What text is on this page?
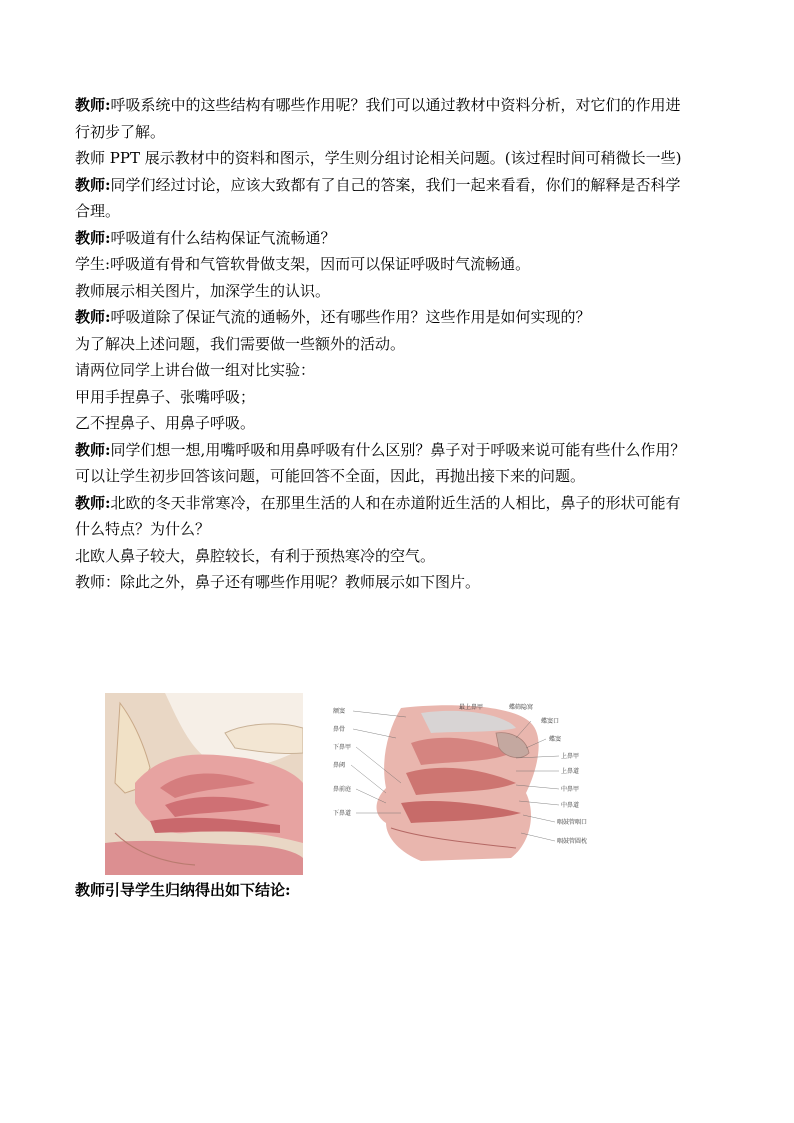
教师:呼吸系统中的这些结构有哪些作用呢？我们可以通过教材中资料分析，对它们的作用进
行初步了解。
教师 PPT 展示教材中的资料和图示，学生则分组讨论相关问题。(该过程时间可稍微长一些)
教师:同学们经过讨论，应该大致都有了自己的答案，我们一起来看看，你们的解释是否科学
合理。
教师:呼吸道有什么结构保证气流畅通？
学生:呼吸道有骨和气管软骨做支架，因而可以保证呼吸时气流畅通。
教师展示相关图片，加深学生的认识。
教师:呼吸道除了保证气流的通畅外，还有哪些作用？这些作用是如何实现的？
为了解决上述问题，我们需要做一些额外的活动。
请两位同学上讲台做一组对比实验：
甲用手捏鼻子、张嘴呼吸；
乙不捏鼻子、用鼻子呼吸。
教师:同学们想一想,用嘴呼吸和用鼻呼吸有什么区别？鼻子对于呼吸来说可能有些什么作用？
可以让学生初步回答该问题，可能回答不全面，因此，再抛出接下来的问题。
教师:北欧的冬天非常寒冷，在那里生活的人和在赤道附近生活的人相比，鼻子的形状可能有
什么特点？为什么？
北欧人鼻子较大，鼻腔较长，有利于预热寒冷的空气。
教师：除此之外，鼻子还有哪些作用呢？教师展示如下图片。
额窦
鼻骨
下鼻甲
鼻阈
鼻前庭
下鼻道
最上鼻甲	蝶筛隐窝
蝶窦口
蝶窦
上鼻甲
上鼻道
中鼻甲
中鼻道
咽鼓管咽口
咽鼓管圆枕
教师引导学生归纳得出如下结论:
